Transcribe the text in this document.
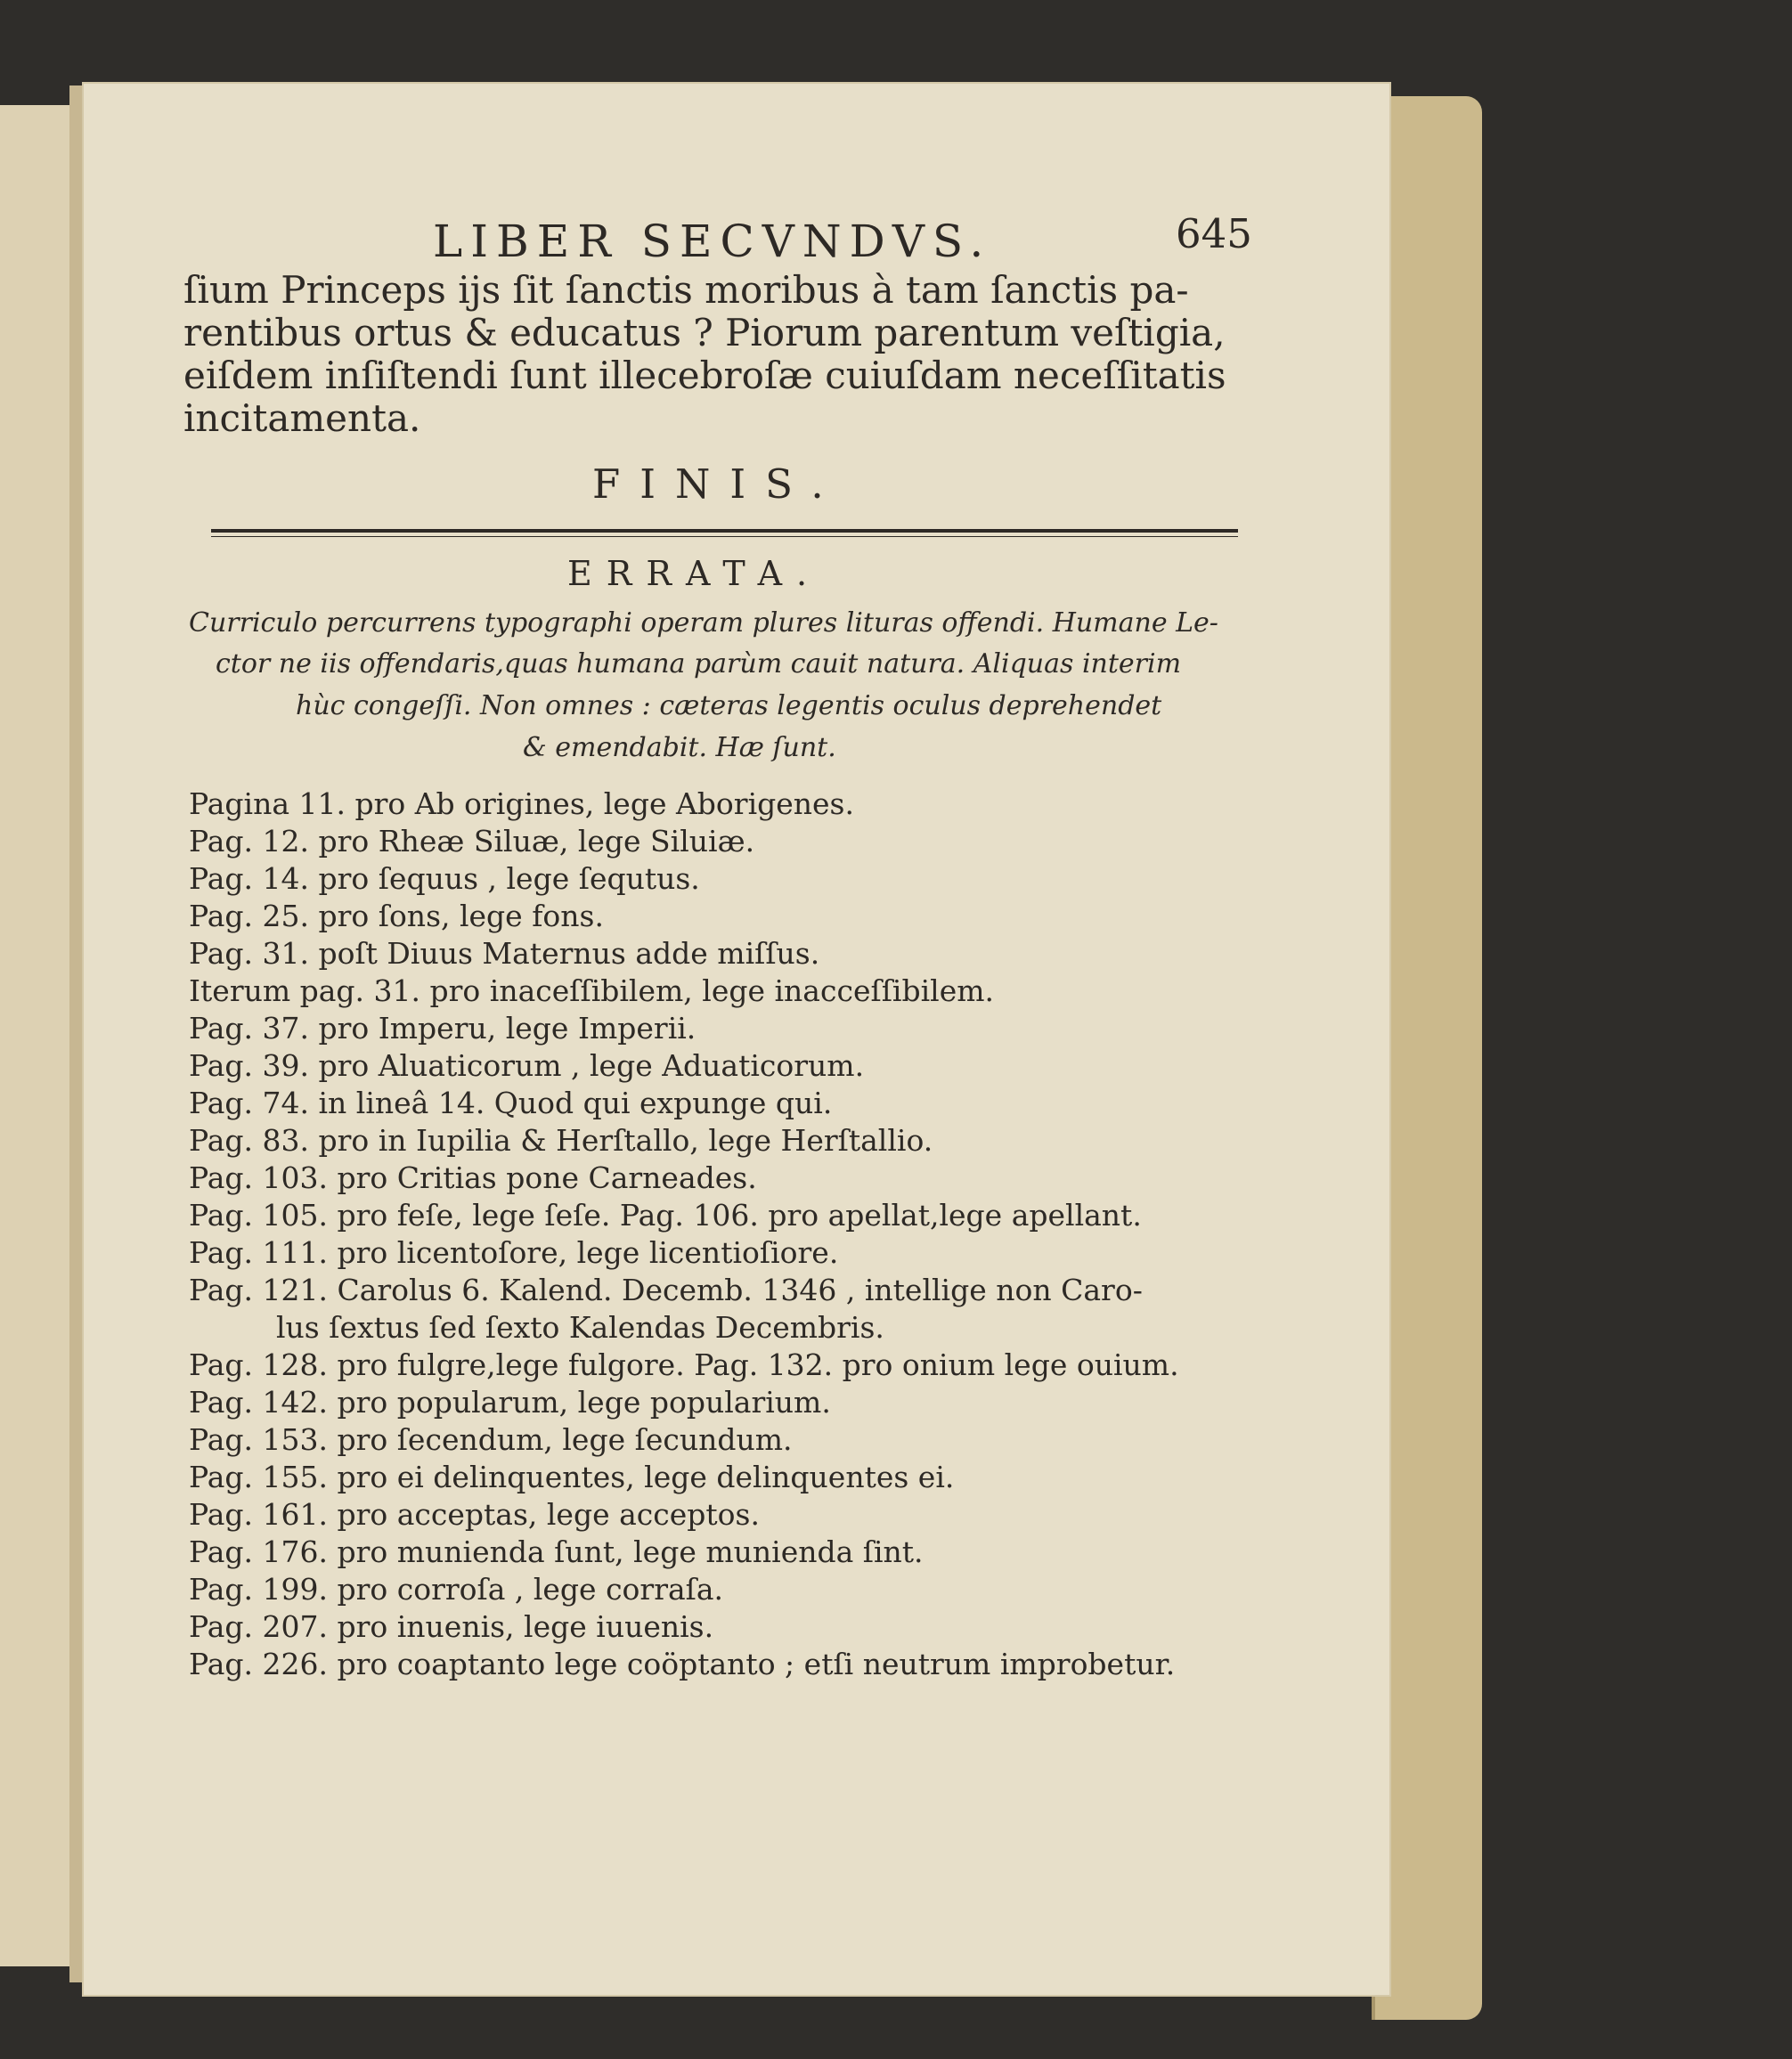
LIBER SECVNDVS.	645
ſium Princeps ijs ſit ſanctis moribus à tam ſanctis pa-
rentibus ortus & educatus ? Piorum parentum veſtigia,
eiſdem inſiſtendi ſunt illecebroſæ cuiuſdam neceſſitatis
incitamenta.
FINIS.
ERRATA.
Curriculo percurrens typographi operam plures lituras offendi. Humane Le-
ctor ne iis offendaris,quas humana parùm cauit natura. Aliquas interim
hùc congeſſi. Non omnes : cæteras legentis oculus deprehendet
& emendabit. Hæ ſunt.
Pagina 11. pro Ab origines, lege Aborigenes.
Pag. 12. pro Rheæ Siluæ, lege Siluiæ.
Pag. 14. pro ſequus , lege ſequtus.
Pag. 25. pro ſons, lege fons.
Pag. 31. poſt Diuus Maternus adde miſſus.
Iterum pag. 31. pro inaceſſibilem, lege inacceſſibilem.
Pag. 37. pro Imperu, lege Imperii.
Pag. 39. pro Aluaticorum , lege Aduaticorum.
Pag. 74. in lineâ 14. Quod qui expunge qui.
Pag. 83. pro in Iupilia & Herſtallo, lege Herſtallio.
Pag. 103. pro Critias pone Carneades.
Pag. 105. pro feſe, lege ſeſe. Pag. 106. pro apellat,lege apellant.
Pag. 111. pro licentoſore, lege licentioſiore.
Pag. 121. Carolus 6. Kalend. Decemb. 1346 , intellige non Caro-
lus ſextus ſed ſexto Kalendas Decembris.
Pag. 128. pro fulgre,lege fulgore. Pag. 132. pro onium lege ouium.
Pag. 142. pro popularum, lege popularium.
Pag. 153. pro ſecendum, lege ſecundum.
Pag. 155. pro ei delinquentes, lege delinquentes ei.
Pag. 161. pro acceptas, lege acceptos.
Pag. 176. pro munienda ſunt, lege munienda ſint.
Pag. 199. pro corroſa , lege corraſa.
Pag. 207. pro inuenis, lege iuuenis.
Pag. 226. pro coaptanto lege coöptanto ; etſi neutrum improbetur.
